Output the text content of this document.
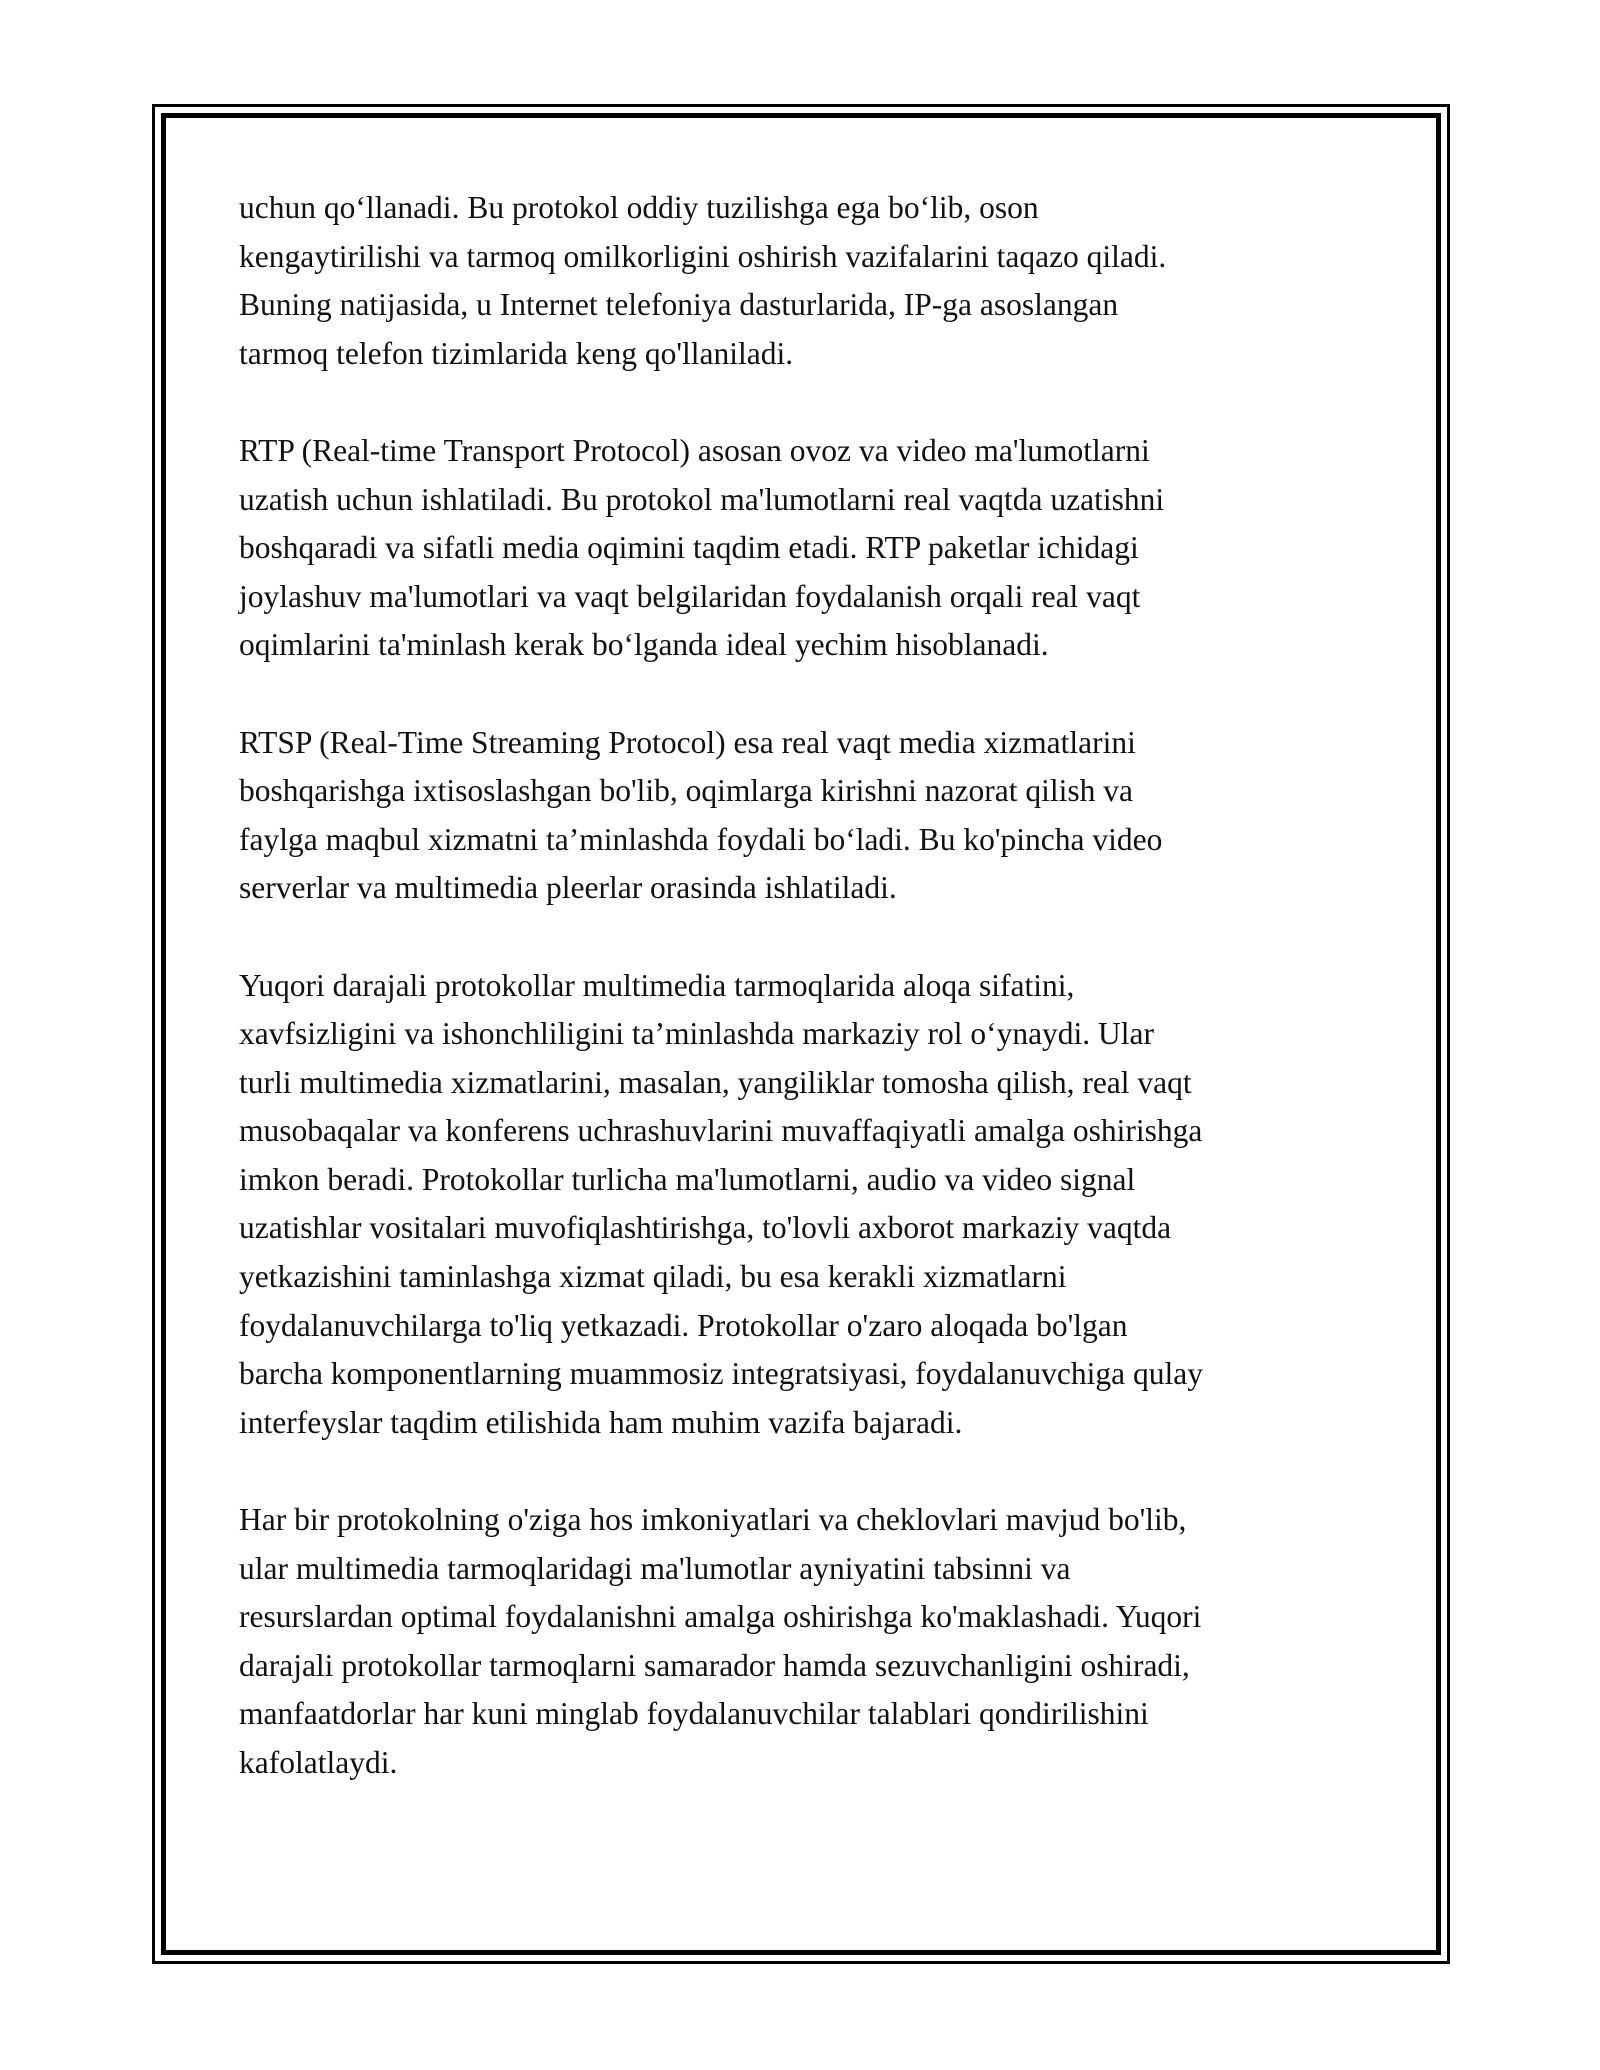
uchun qo‘llanadi. Bu protokol oddiy tuzilishga ega bo‘lib, oson
kengaytirilishi va tarmoq omilkorligini oshirish vazifalarini taqazo qiladi.
Buning natijasida, u Internet telefoniya dasturlarida, IP-ga asoslangan
tarmoq telefon tizimlarida keng qo'llaniladi.

RTP (Real-time Transport Protocol) asosan ovoz va video ma'lumotlarni
uzatish uchun ishlatiladi. Bu protokol ma'lumotlarni real vaqtda uzatishni
boshqaradi va sifatli media oqimini taqdim etadi. RTP paketlar ichidagi
joylashuv ma'lumotlari va vaqt belgilaridan foydalanish orqali real vaqt
oqimlarini ta'minlash kerak bo‘lganda ideal yechim hisoblanadi.

RTSP (Real-Time Streaming Protocol) esa real vaqt media xizmatlarini
boshqarishga ixtisoslashgan bo'lib, oqimlarga kirishni nazorat qilish va
faylga maqbul xizmatni ta’minlashda foydali bo‘ladi. Bu ko'pincha video
serverlar va multimedia pleerlar orasinda ishlatiladi.

Yuqori darajali protokollar multimedia tarmoqlarida aloqa sifatini,
xavfsizligini va ishonchliligini ta’minlashda markaziy rol o‘ynaydi. Ular
turli multimedia xizmatlarini, masalan, yangiliklar tomosha qilish, real vaqt
musobaqalar va konferens uchrashuvlarini muvaffaqiyatli amalga oshirishga
imkon beradi. Protokollar turlicha ma'lumotlarni, audio va video signal
uzatishlar vositalari muvofiqlashtirishga, to'lovli axborot markaziy vaqtda
yetkazishini taminlashga xizmat qiladi, bu esa kerakli xizmatlarni
foydalanuvchilarga to'liq yetkazadi. Protokollar o'zaro aloqada bo'lgan
barcha komponentlarning muammosiz integratsiyasi, foydalanuvchiga qulay
interfeyslar taqdim etilishida ham muhim vazifa bajaradi.

Har bir protokolning o'ziga hos imkoniyatlari va cheklovlari mavjud bo'lib,
ular multimedia tarmoqlaridagi ma'lumotlar ayniyatini tabsinni va
resurslardan optimal foydalanishni amalga oshirishga ko'maklashadi. Yuqori
darajali protokollar tarmoqlarni samarador hamda sezuvchanligini oshiradi,
manfaatdorlar har kuni minglab foydalanuvchilar talablari qondirilishini
kafolatlaydi.
